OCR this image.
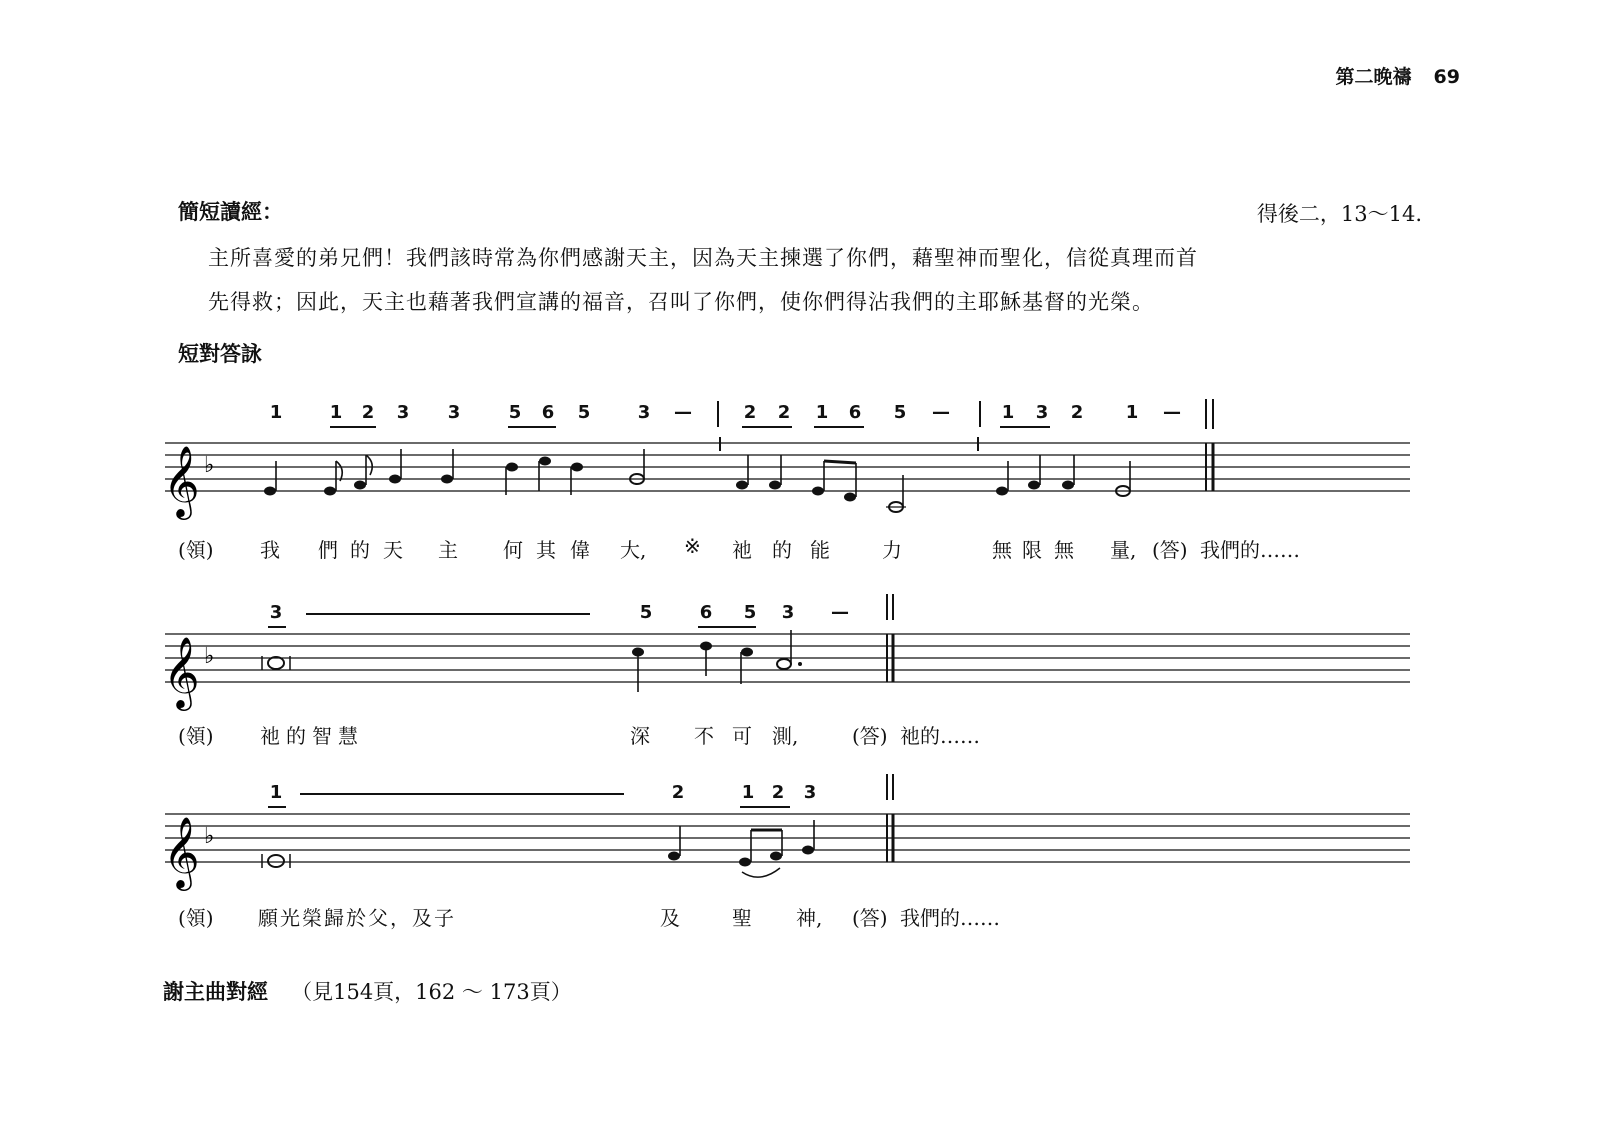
第二晚禱 69
簡短讀經：	得後二，13～14.
主所喜愛的弟兄們！我們該時常為你們感謝天主，因為天主揀選了你們，藉聖神而聖化，信從真理而首
先得救；因此，天主也藉著我們宣講的福音，召叫了你們，使你們得沾我們的主耶穌基督的光榮。
短對答詠
1	1 2 3 3	5 6 5	3 —	2 2 1 6 5 —	1 3 2 1 —
𝄞 ♭
(領) 我 們 的 天 主 何 其 偉 大, ※ 祂 的 能	力	無 限 無 量, (答) 我們的……
3	5	6 5 3 —
𝄞 ♭
(領) 祂的智慧	深 不 可 測,	(答) 祂的……
1	2	1 2 3
𝄞 ♭
(領) 願光榮歸於父，及子	及	聖 神, (答) 我們的……
謝主曲對經 （見154頁，162 ～ 173頁）
